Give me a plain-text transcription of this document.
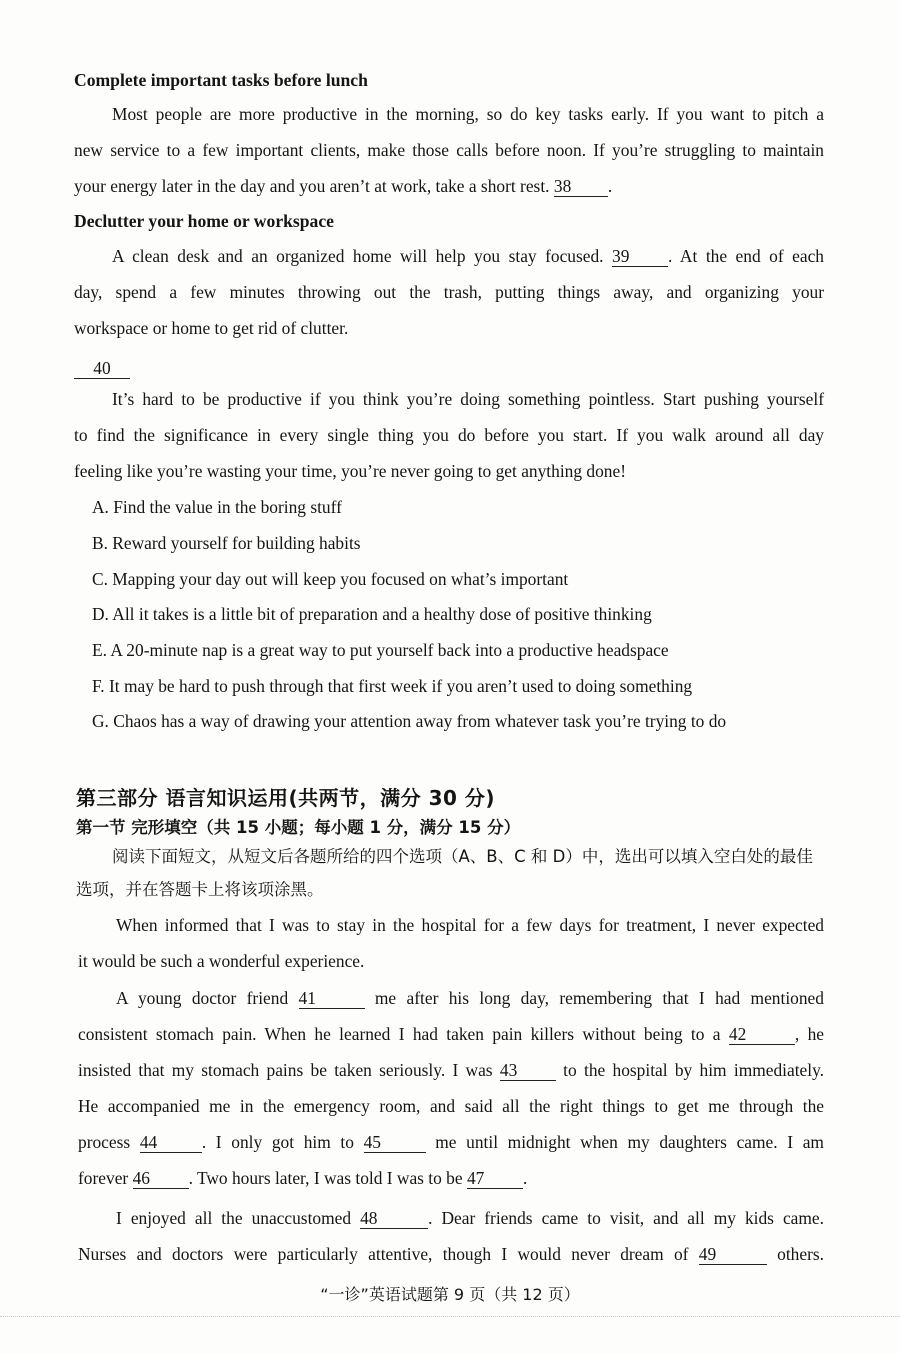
Complete important tasks before lunch
Most people are more productive in the morning, so do key tasks early. If you want to pitch a
new service to a few important clients, make those calls before noon. If you’re struggling to maintain
your energy later in the day and you aren’t at work, take a short rest. 38 .
Declutter your home or workspace
A clean desk and an organized home will help you stay focused. 39 . At the end of each
day, spend a few minutes throwing out the trash, putting things away, and organizing your
workspace or home to get rid of clutter.
40
It’s hard to be productive if you think you’re doing something pointless. Start pushing yourself
to find the significance in every single thing you do before you start. If you walk around all day
feeling like you’re wasting your time, you’re never going to get anything done!
A. Find the value in the boring stuff
B. Reward yourself for building habits
C. Mapping your day out will keep you focused on what’s important
D. All it takes is a little bit of preparation and a healthy dose of positive thinking
E. A 20-minute nap is a great way to put yourself back into a productive headspace
F. It may be hard to push through that first week if you aren’t used to doing something
G. Chaos has a way of drawing your attention away from whatever task you’re trying to do
第三部分 语言知识运用(共两节，满分 30 分)
第一节 完形填空（共 15 小题；每小题 1 分，满分 15 分）
阅读下面短文，从短文后各题所给的四个选项（A、B、C 和 D）中，选出可以填入空白处的最佳选项，并在答题卡上将该项涂黑。
When informed that I was to stay in the hospital for a few days for treatment, I never expected
it would be such a wonderful experience.
A young doctor friend 41	me after his long day, remembering that I had mentioned
consistent stomach pain. When he learned I had taken pain killers without being to a 42	, he
insisted that my stomach pains be taken seriously. I was 43	to the hospital by him immediately.
He accompanied me in the emergency room, and said all the right things to get me through the
process 44	. I only got him to 45	me until midnight when my daughters came. I am
forever 46 . Two hours later, I was told I was to be 47 .
I enjoyed all the unaccustomed 48	. Dear friends came to visit, and all my kids came.
Nurses and doctors were particularly attentive, though I would never dream of 49	others.
“一诊”英语试题第 9 页（共 12 页）
